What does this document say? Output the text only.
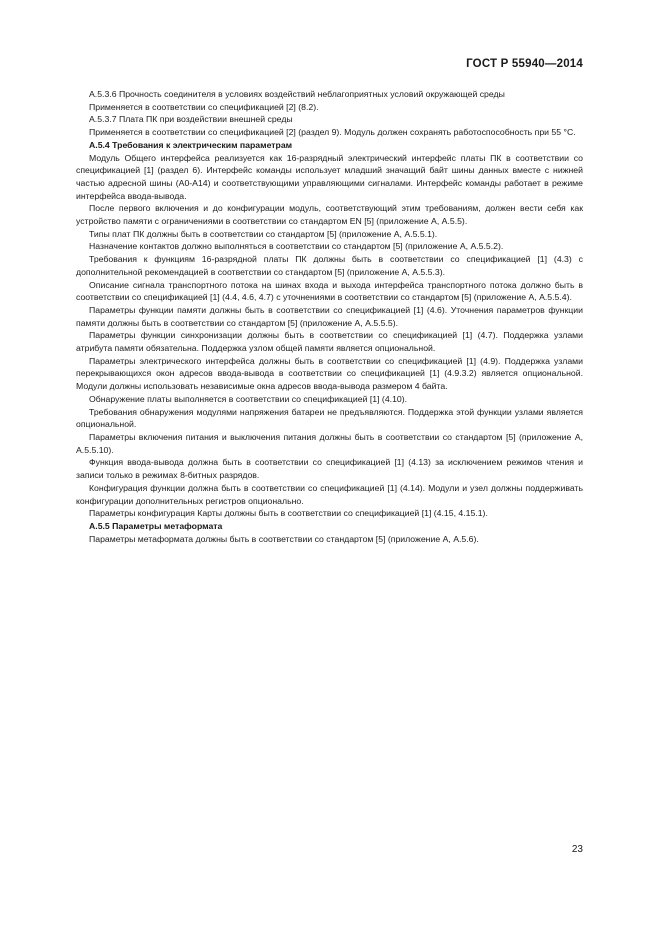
ГОСТ Р 55940—2014

А.5.3.6 Прочность соединителя в условиях воздействий неблагоприятных условий окружающей среды

Применяется в соответствии со спецификацией [2] (8.2).

А.5.3.7 Плата ПК при воздействии внешней среды

Применяется в соответствии со спецификацией [2] (раздел 9). Модуль должен сохранять работоспособность при 55 °С.

А.5.4 Требования к электрическим параметрам

Модуль Общего интерфейса реализуется как 16-разрядный электрический интерфейс платы ПК в соответствии со спецификацией [1] (раздел 6). Интерфейс команды использует младший значащий байт шины данных вместе с нижней частью адресной шины (А0-А14) и соответствующими управляющими сигналами. Интерфейс команды работает в режиме интерфейса ввода-вывода.

После первого включения и до конфигурации модуль, соответствующий этим требованиям, должен вести себя как устройство памяти с ограничениями в соответствии со стандартом EN [5] (приложение А, А.5.5).

Типы плат ПК должны быть в соответствии со стандартом [5] (приложение А, А.5.5.1).

Назначение контактов должно выполняться в соответствии со стандартом [5] (приложение А, А.5.5.2).

Требования к функциям 16-разрядной платы ПК должны быть в соответствии со спецификацией [1] (4.3) с дополнительной рекомендацией в соответствии со стандартом [5] (приложение А, А.5.5.3).

Описание сигнала транспортного потока на шинах входа и выхода интерфейса транспортного потока должно быть в соответствии со спецификацией [1] (4.4, 4.6, 4.7) с уточнениями в соответствии со стандартом [5] (приложение А, А.5.5.4).

Параметры функции памяти должны быть в соответствии со спецификацией [1] (4.6). Уточнения параметров функции памяти должны быть в соответствии со стандартом [5] (приложение А, А.5.5.5).

Параметры функции синхронизации должны быть в соответствии со спецификацией [1] (4.7). Поддержка узлами атрибута памяти обязательна. Поддержка узлом общей памяти является опциональной.

Параметры электрического интерфейса должны быть в соответствии со спецификацией [1] (4.9). Поддержка узлами перекрывающихся окон адресов ввода-вывода в соответствии со спецификацией [1] (4.9.3.2) является опциональной. Модули должны использовать независимые окна адресов ввода-вывода размером 4 байта.

Обнаружение платы выполняется в соответствии со спецификацией [1] (4.10).

Требования обнаружения модулями напряжения батареи не предъявляются. Поддержка этой функции узлами является опциональной.

Параметры включения питания и выключения питания должны быть в соответствии со стандартом [5] (приложение А, А.5.5.10).

Функция ввода-вывода должна быть в соответствии со спецификацией [1] (4.13) за исключением режимов чтения и записи только в режимах 8-битных разрядов.

Конфигурация функции должна быть в соответствии со спецификацией [1] (4.14). Модули и узел должны поддерживать конфигурации дополнительных регистров опционально.

Параметры конфигурация Карты должны быть в соответствии со спецификацией [1] (4.15, 4.15.1).

А.5.5 Параметры метаформата

Параметры метаформата должны быть в соответствии со стандартом [5] (приложение А, А.5.6).

23
